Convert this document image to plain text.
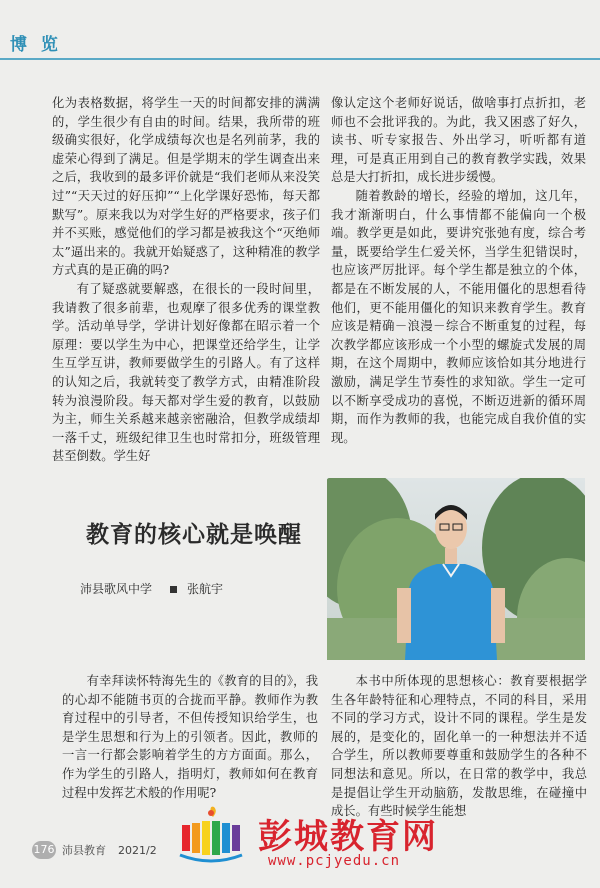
博 览

化为表格数据，将学生一天的时间都安排的满满的，学生很少有自由的时间。结果，我所带的班级确实很好，化学成绩每次也是名列前茅，我的虚荣心得到了满足。但是学期末的学生调查出来之后，我收到的最多评价就是“我们老师从来没笑过”“天天过的好压抑”“上化学课好恐怖，每天都默写”。原来我以为对学生好的严格要求，孩子们并不买账，感觉他们的学习都是被我这个“灭绝师太”逼出来的。我就开始疑惑了，这种精准的教学方式真的是正确的吗?

有了疑惑就要解惑，在很长的一段时间里，我请教了很多前辈，也观摩了很多优秀的课堂教学。活动单导学，学讲计划好像都在昭示着一个原理：要以学生为中心，把课堂还给学生，让学生互学互讲，教师要做学生的引路人。有了这样的认知之后，我就转变了教学方式，由精准阶段转为浪漫阶段。每天都对学生爱的教育，以鼓励为主，师生关系越来越亲密融洽，但教学成绩却一落千丈，班级纪律卫生也时常扣分，班级管理甚至倒数。学生好

像认定这个老师好说话，做啥事打点折扣，老师也不会批评我的。为此，我又困惑了好久，读书、听专家报告、外出学习，听听都有道理，可是真正用到自己的教育教学实践，效果总是大打折扣，成长进步缓慢。

随着教龄的增长，经验的增加，这几年，我才渐渐明白，什么事情都不能偏向一个极端。教学更是如此，要讲究张弛有度，综合考量，既要给学生仁爱关怀，当学生犯错误时，也应该严厉批评。每个学生都是独立的个体，都是在不断发展的人，不能用僵化的思想看待他们，更不能用僵化的知识来教育学生。教育应该是精确－浪漫－综合不断重复的过程，每次教学都应该形成一个小型的螺旋式发展的周期，在这个周期中，教师应该恰如其分地进行激励，满足学生节奏性的求知欲。学生一定可以不断享受成功的喜悦，不断迈进新的循环周期，而作为教师的我，也能完成自我价值的实现。

教育的核心就是唤醒
沛县歌风中学	张航宇

有幸拜读怀特海先生的《教育的目的》，我的心却不能随书页的合拢而平静。教师作为教育过程中的引导者，不但传授知识给学生，也是学生思想和行为上的引领者。因此，教师的一言一行都会影响着学生的方方面面。那么，作为学生的引路人，指明灯，教师如何在教育过程中发挥艺术般的作用呢?

本书中所体现的思想核心：教育要根据学生各年龄特征和心理特点，不同的科目，采用不同的学习方式，设计不同的课程。学生是发展的，是变化的，固化单一的一种想法并不适合学生，所以教师要尊重和鼓励学生的各种不同想法和意见。所以，在日常的教学中，我总是提倡让学生开动脑筋，发散思维，在碰撞中成长。有些时候学生能想

176 沛县教育 2021/2	彭城教育网
www.pcjyedu.cn
